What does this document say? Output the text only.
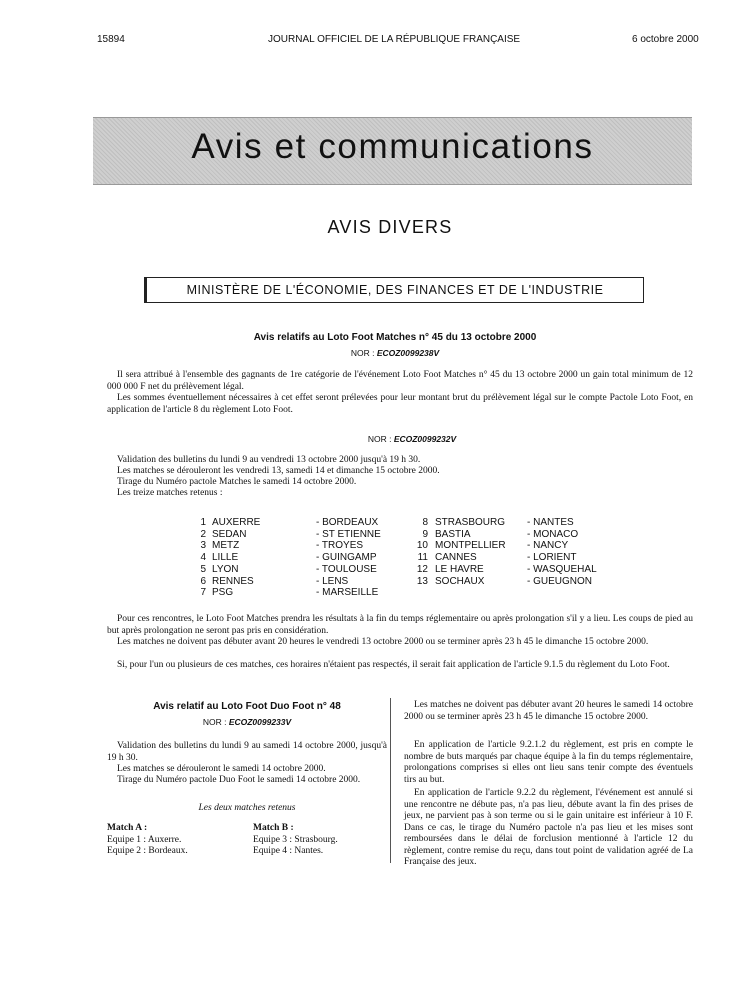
15894	JOURNAL OFFICIEL DE LA RÉPUBLIQUE FRANÇAISE	6 octobre 2000
Avis et communications
AVIS DIVERS
MINISTÈRE DE L'ÉCONOMIE, DES FINANCES ET DE L'INDUSTRIE
Avis relatifs au Loto Foot Matches n° 45 du 13 octobre 2000
NOR : ECOZ0099238V
Il sera attribué à l'ensemble des gagnants de 1re catégorie de l'événement Loto Foot Matches n° 45 du 13 octobre 2000 un gain total minimum de 12 000 000 F net du prélèvement légal.
Les sommes éventuellement nécessaires à cet effet seront prélevées pour leur montant brut du prélèvement légal sur le compte Pactole Loto Foot, en application de l'article 8 du règlement Loto Foot.
NOR : ECOZ0099232V
Validation des bulletins du lundi 9 au vendredi 13 octobre 2000 jusqu'à 19 h 30.
Les matches se dérouleront les vendredi 13, samedi 14 et dimanche 15 octobre 2000.
Tirage du Numéro pactole Matches le samedi 14 octobre 2000.
Les treize matches retenus :
1
2
3
4
5
6
7
AUXERRE
SEDAN
METZ
LILLE
LYON
RENNES
PSG
- BORDEAUX
- ST ETIENNE
- TROYES
- GUINGAMP
- TOULOUSE
- LENS
- MARSEILLE
8
9
10
11
12
13
STRASBOURG
BASTIA
MONTPELLIER
CANNES
LE HAVRE
SOCHAUX
- NANTES
- MONACO
- NANCY
- LORIENT
- WASQUEHAL
- GUEUGNON
Pour ces rencontres, le Loto Foot Matches prendra les résultats à la fin du temps réglementaire ou après prolongation s'il y a lieu. Les coups de pied au but après prolongation ne seront pas pris en considération.
Les matches ne doivent pas débuter avant 20 heures le vendredi 13 octobre 2000 ou se terminer après 23 h 45 le dimanche 15 octobre 2000.
Si, pour l'un ou plusieurs de ces matches, ces horaires n'étaient pas respectés, il serait fait application de l'article 9.1.5 du règlement du Loto Foot.
Avis relatif au Loto Foot Duo Foot n° 48
NOR : ECOZ0099233V
Validation des bulletins du lundi 9 au samedi 14 octobre 2000, jusqu'à 19 h 30.
Les matches se dérouleront le samedi 14 octobre 2000.
Tirage du Numéro pactole Duo Foot le samedi 14 octobre 2000.
Les deux matches retenus
Match A :
Equipe 1 : Auxerre.
Equipe 2 : Bordeaux.
Match B :
Equipe 3 : Strasbourg.
Equipe 4 : Nantes.
Les matches ne doivent pas débuter avant 20 heures le samedi 14 octobre 2000 ou se terminer après 23 h 45 le dimanche 15 octobre 2000.
En application de l'article 9.2.1.2 du règlement, est pris en compte le nombre de buts marqués par chaque équipe à la fin du temps réglementaire, prolongations comprises si elles ont lieu sans tenir compte des éventuels tirs au but.
En application de l'article 9.2.2 du règlement, l'événement est annulé si une rencontre ne débute pas, n'a pas lieu, débute avant la fin des prises de jeux, ne parvient pas à son terme ou si le gain unitaire est inférieur à 10 F. Dans ce cas, le tirage du Numéro pactole n'a pas lieu et les mises sont remboursées dans le délai de forclusion mentionné à l'article 12 du règlement, contre remise du reçu, dans tout point de validation agréé de La Française des jeux.
